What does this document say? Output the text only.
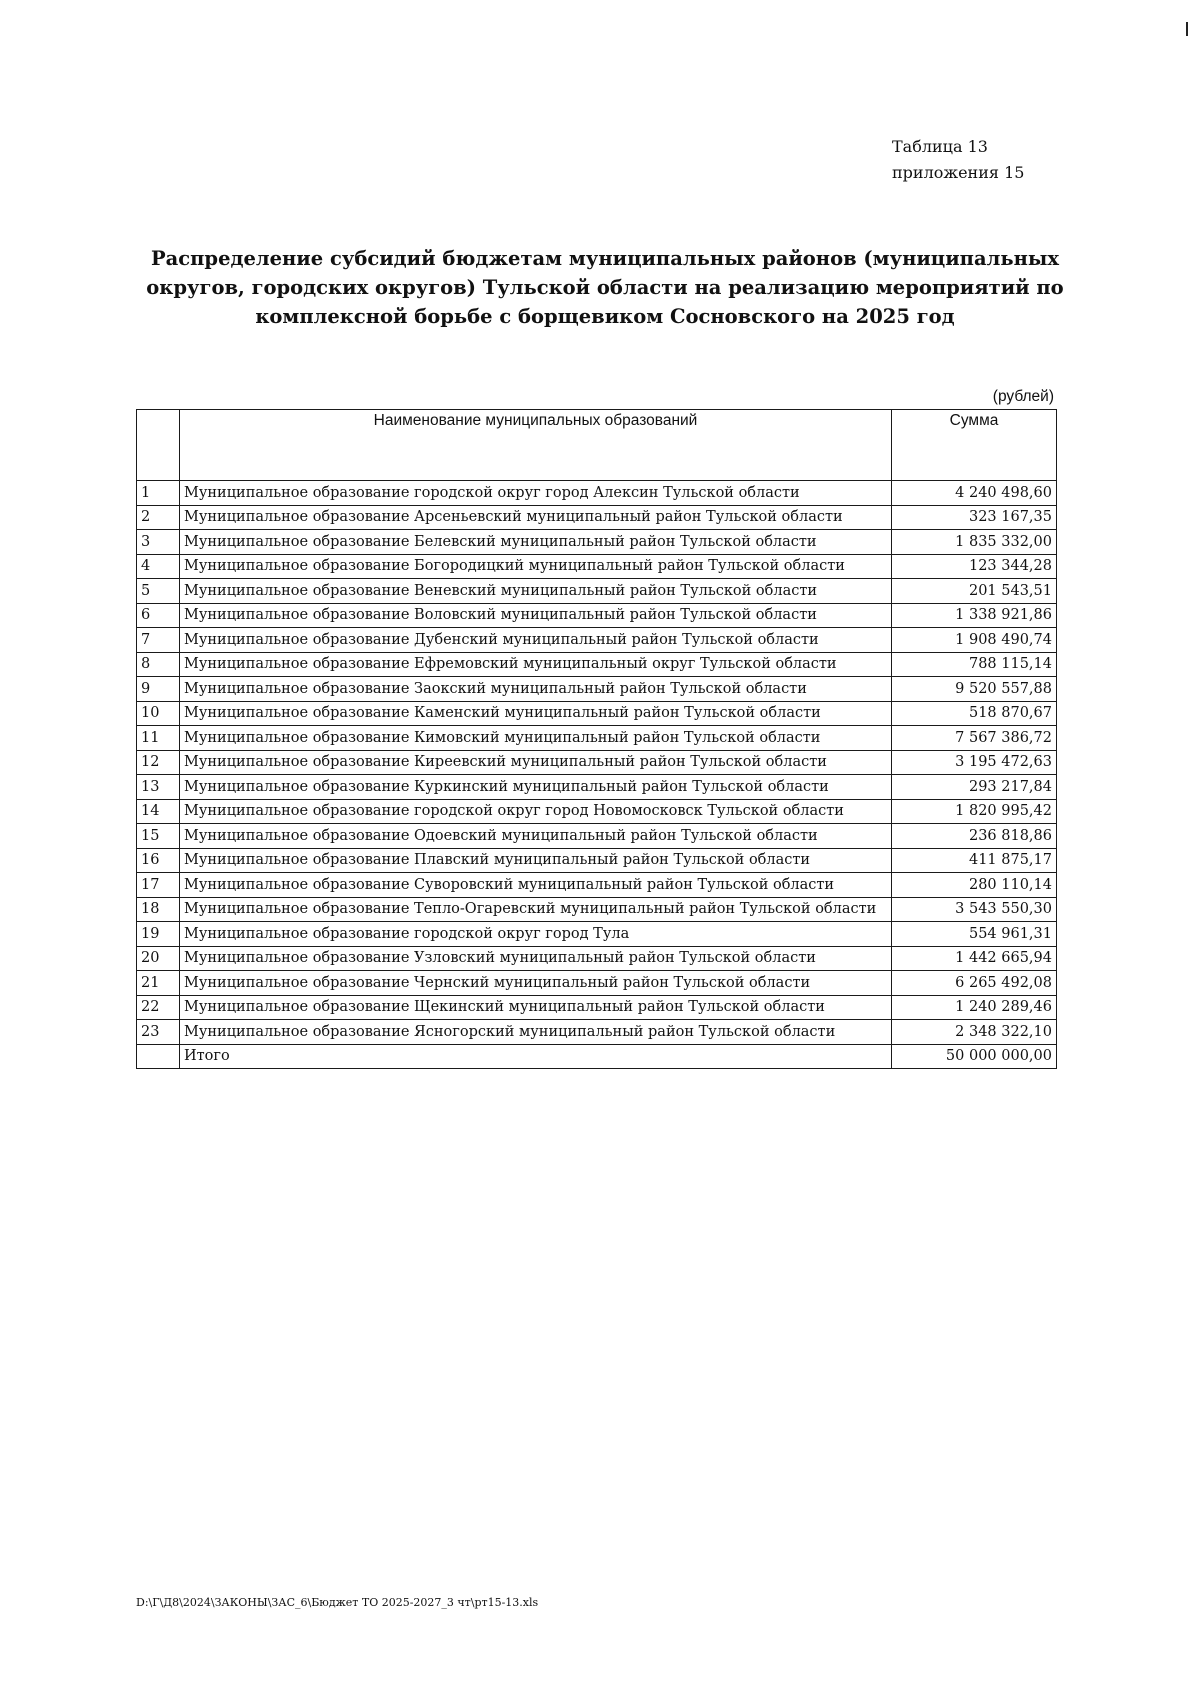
Таблица 13
приложения 15
Распределение субсидий бюджетам муниципальных районов (муниципальных округов, городских округов) Тульской области на реализацию мероприятий по комплексной борьбе с борщевиком Сосновского на 2025 год
(рублей)
	Наименование муниципальных образований	Сумма
1	Муниципальное образование городской округ город Алексин Тульской области	4 240 498,60
2	Муниципальное образование Арсеньевский муниципальный район Тульской области	323 167,35
3	Муниципальное образование Белевский муниципальный район Тульской области	1 835 332,00
4	Муниципальное образование Богородицкий муниципальный район Тульской области	123 344,28
5	Муниципальное образование Веневский муниципальный район Тульской области	201 543,51
6	Муниципальное образование Воловский муниципальный район Тульской области	1 338 921,86
7	Муниципальное образование Дубенский муниципальный район Тульской области	1 908 490,74
8	Муниципальное образование Ефремовский муниципальный округ Тульской области	788 115,14
9	Муниципальное образование Заокский муниципальный район Тульской области	9 520 557,88
10	Муниципальное образование Каменский муниципальный район Тульской области	518 870,67
11	Муниципальное образование Кимовский муниципальный район Тульской области	7 567 386,72
12	Муниципальное образование Киреевский муниципальный район Тульской области	3 195 472,63
13	Муниципальное образование Куркинский муниципальный район Тульской области	293 217,84
14	Муниципальное образование городской округ город Новомосковск Тульской области	1 820 995,42
15	Муниципальное образование Одоевский муниципальный район Тульской области	236 818,86
16	Муниципальное образование Плавский муниципальный район Тульской области	411 875,17
17	Муниципальное образование Суворовский муниципальный район Тульской области	280 110,14
18	Муниципальное образование Тепло-Огаревский муниципальный район Тульской области	3 543 550,30
19	Муниципальное образование городской округ город Тула	554 961,31
20	Муниципальное образование Узловский муниципальный район Тульской области	1 442 665,94
21	Муниципальное образование Чернский муниципальный район Тульской области	6 265 492,08
22	Муниципальное образование Щекинский муниципальный район Тульской области	1 240 289,46
23	Муниципальное образование Ясногорский муниципальный район Тульской области	2 348 322,10
	Итого	50 000 000,00
D:\Г\Д8\2024\ЗАКОНЫ\ЗАС_6\Бюджет ТО 2025-2027_3 чт\рт15-13.xls
